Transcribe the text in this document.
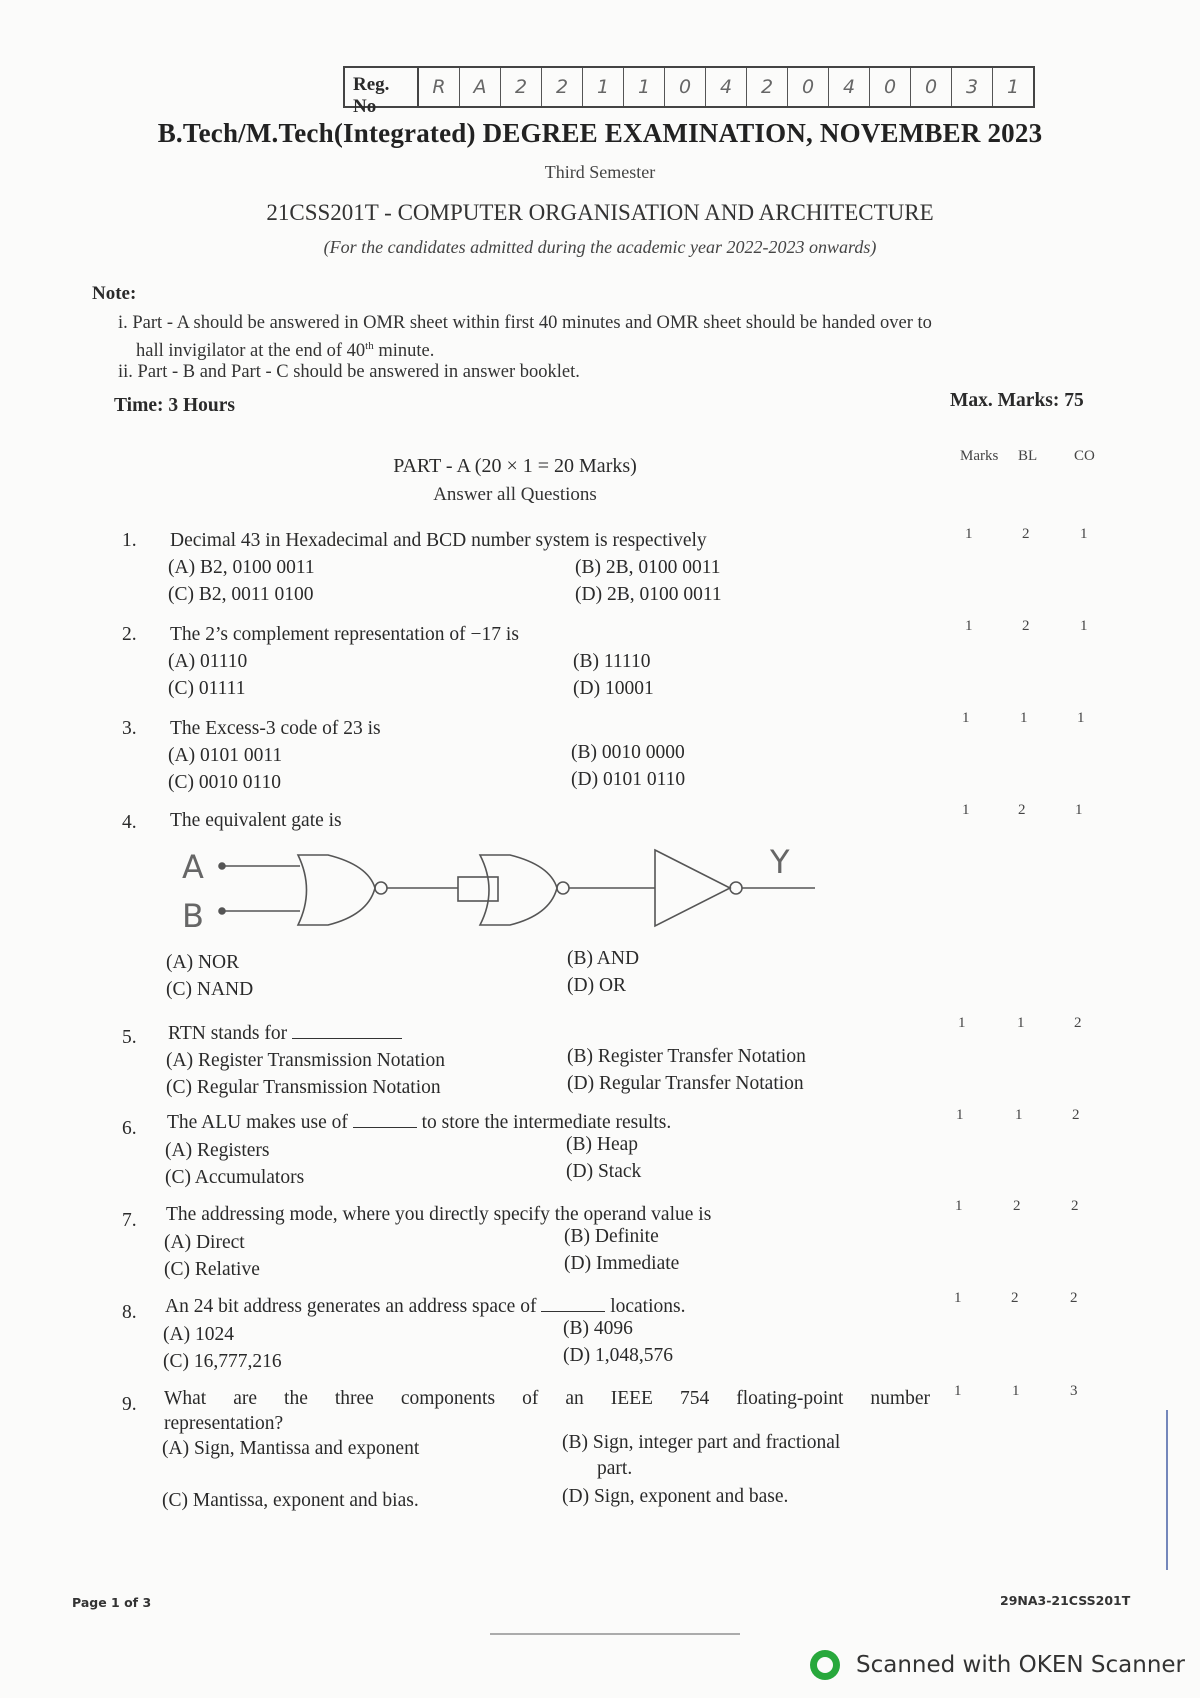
Reg. No
R	A	2	2	1	1	0	4	2	0	4	0	0	3	1
B.Tech/M.Tech(Integrated) DEGREE EXAMINATION, NOVEMBER 2023
Third Semester
21CSS201T - COMPUTER ORGANISATION AND ARCHITECTURE
(For the candidates admitted during the academic year 2022-2023 onwards)
Note:
i. Part - A should be answered in OMR sheet within first 40 minutes and OMR sheet should be handed over to
hall invigilator at the end of 40th minute.
ii. Part - B and Part - C should be answered in answer booklet.
Time: 3 Hours	Max. Marks: 75
Marks BL CO
PART - A (20 × 1 = 20 Marks)
Answer all Questions
1. Decimal 43 in Hexadecimal and BCD number system is respectively
(A) B2, 0100 0011	(B) 2B, 0100 0011
(C) B2, 0011 0100	(D) 2B, 0100 0011
1	2	1
2. The 2’s complement representation of −17 is
(A) 01110	(B) 11110
(C) 01111	(D) 10001
1	2	1
3. The Excess-3 code of 23 is
(A) 0101 0011	(B) 0010 0000
(C) 0010 0110	(D) 0101 0110
1	1	1
4. The equivalent gate is
A
B
Y
(A) NOR	(B) AND
(C) NAND	(D) OR
1	2	1
5. RTN stands for
(A) Register Transmission Notation	(B) Register Transfer Notation
(C) Regular Transmission Notation	(D) Regular Transfer Notation
1	1	2
6. The ALU makes use of	to store the intermediate results.
(A) Registers	(B) Heap
(C) Accumulators	(D) Stack
1	1	2
7. The addressing mode, where you directly specify the operand value is
(A) Direct	(B) Definite
(C) Relative	(D) Immediate
1	2	2
8. An 24 bit address generates an address space of	locations.
(A) 1024	(B) 4096
(C) 16,777,216	(D) 1,048,576
1	2	2
9. What are the three components of an IEEE 754 floating-point number
representation?
(A) Sign, Mantissa and exponent	(B) Sign, integer part and fractional
part.
(C) Mantissa, exponent and bias.	(D) Sign, exponent and base.
1	1	3
Page 1 of 3	29NA3-21CSS201T
Scanned with OKEN Scanner
